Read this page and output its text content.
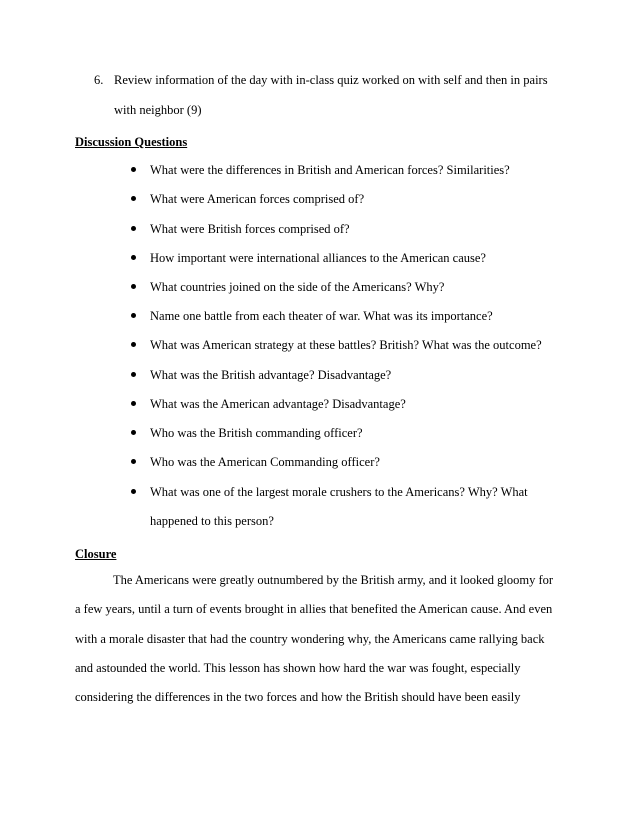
6. Review information of the day with in-class quiz worked on with self and then in pairs
with neighbor (9)
Discussion Questions
What were the differences in British and American forces? Similarities?
What were American forces comprised of?
What were British forces comprised of?
How important were international alliances to the American cause?
What countries joined on the side of the Americans? Why?
Name one battle from each theater of war. What was its importance?
What was American strategy at these battles? British? What was the outcome?
What was the British advantage? Disadvantage?
What was the American advantage? Disadvantage?
Who was the British commanding officer?
Who was the American Commanding officer?
What was one of the largest morale crushers to the Americans? Why? What
happened to this person?
Closure
The Americans were greatly outnumbered by the British army, and it looked gloomy for
a few years, until a turn of events brought in allies that benefited the American cause. And even
with a morale disaster that had the country wondering why, the Americans came rallying back
and astounded the world. This lesson has shown how hard the war was fought, especially
considering the differences in the two forces and how the British should have been easily
